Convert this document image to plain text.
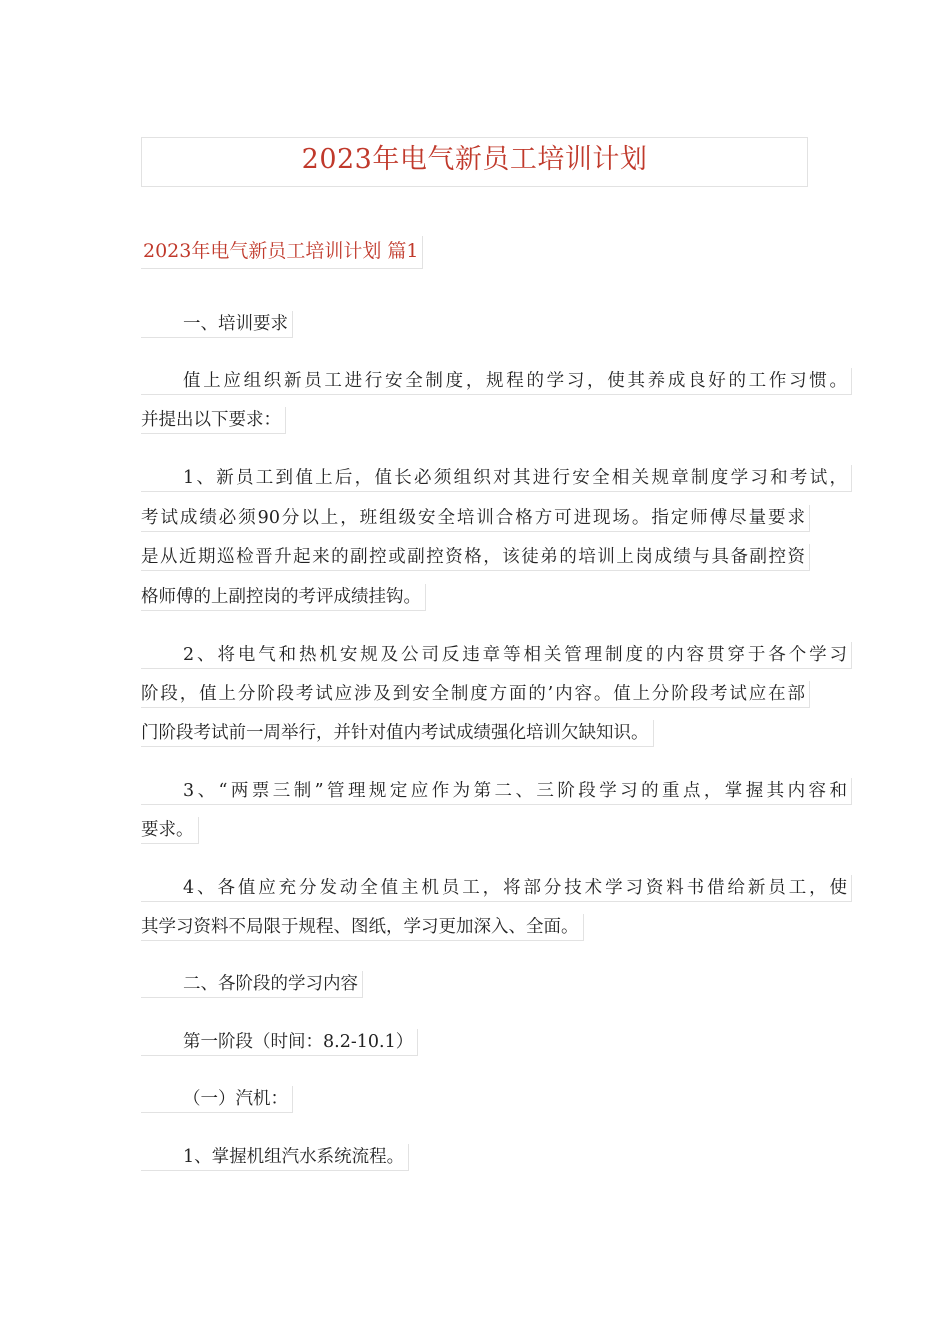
2023年电气新员工培训计划
2023年电气新员工培训计划 篇1
一、培训要求
值上应组织新员工进行安全制度，规程的学习，使其养成良好的工作习惯。
并提出以下要求：
1、新员工到值上后，值长必须组织对其进行安全相关规章制度学习和考试，
考试成绩必须90分以上，班组级安全培训合格方可进现场。指定师傅尽量要求
是从近期巡检晋升起来的副控或副控资格，该徒弟的培训上岗成绩与具备副控资
格师傅的上副控岗的考评成绩挂钩。
2、将电气和热机安规及公司反违章等相关管理制度的内容贯穿于各个学习
阶段，值上分阶段考试应涉及到安全制度方面的’内容。值上分阶段考试应在部
门阶段考试前一周举行，并针对值内考试成绩强化培训欠缺知识。
3、“两票三制”管理规定应作为第二、三阶段学习的重点，掌握其内容和
要求。
4、各值应充分发动全值主机员工，将部分技术学习资料书借给新员工，使
其学习资料不局限于规程、图纸，学习更加深入、全面。
二、各阶段的学习内容
第一阶段（时间：8.2-10.1）
（一）汽机：
1、掌握机组汽水系统流程。
